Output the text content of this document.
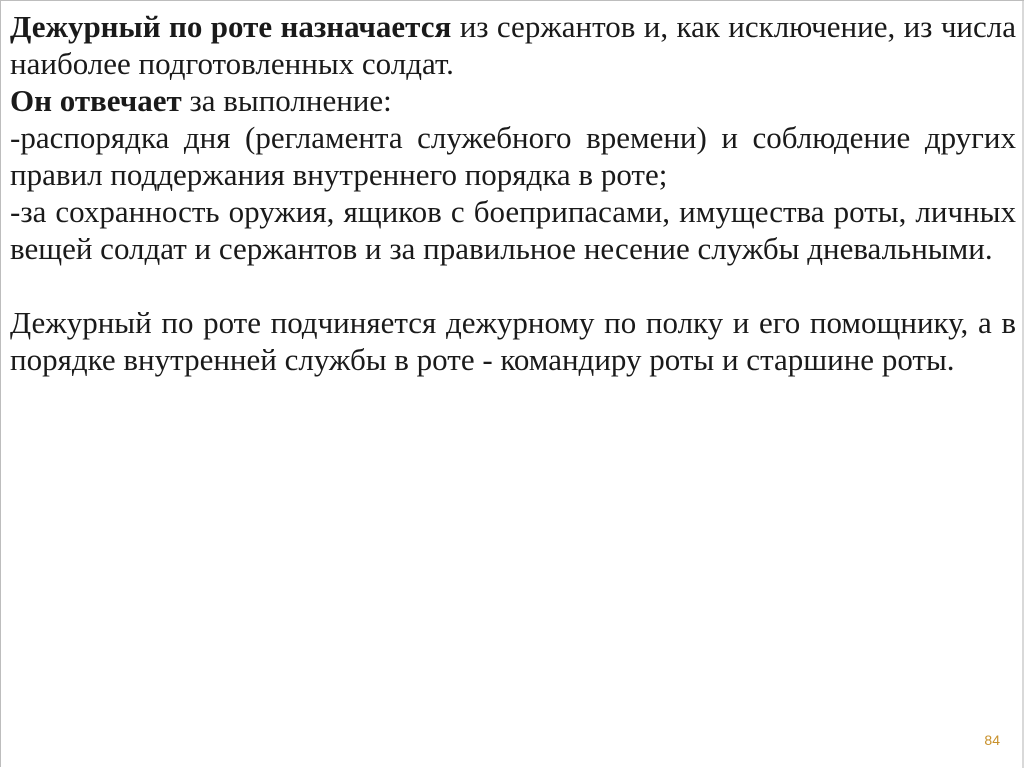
Дежурный по роте назначается из сержантов и, как исключение, из числа наиболее подготовленных солдат.

Он отвечает за выполнение:

-распорядка дня (регламента служебного времени) и соблюдение других правил поддержания внутреннего порядка в роте;

-за сохранность оружия, ящиков с боеприпасами, имущества роты, личных вещей солдат и сержантов и за правильное несение службы дневальными.

Дежурный по роте подчиняется дежурному по полку и его помощнику, а в порядке внутренней службы в роте - командиру роты и старшине роты.

84
